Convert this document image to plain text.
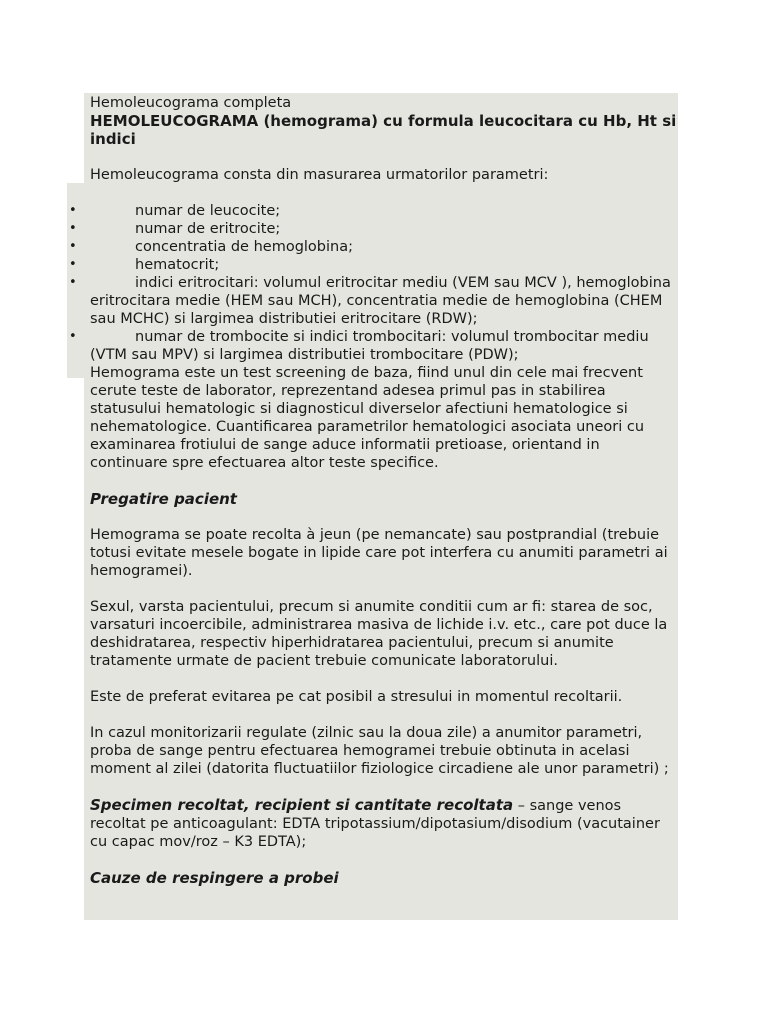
Hemoleucograma completa

HEMOLEUCOGRAMA (hemograma) cu formula leucocitara cu Hb, Ht si indici

Hemoleucograma consta din masurarea urmatorilor parametri:

•	numar de leucocite;
•	numar de eritrocite;
•	concentratia de hemoglobina;
•	hematocrit;
•	indici eritrocitari: volumul eritrocitar mediu (VEM sau MCV ), hemoglobina eritrocitara medie (HEM sau MCH), concentratia medie de hemoglobina (CHEM sau MCHC) si largimea distributiei eritrocitare (RDW);
•	numar de trombocite si indici trombocitari: volumul trombocitar mediu (VTM sau MPV) si largimea distributiei trombocitare (PDW);

Hemograma este un test screening de baza, fiind unul din cele mai frecvent cerute teste de laborator, reprezentand adesea primul pas in stabilirea statusului hematologic si diagnosticul diverselor afectiuni hematologice si nehematologice. Cuantificarea parametrilor hematologici asociata uneori cu examinarea frotiului de sange aduce informatii pretioase, orientand in continuare spre efectuarea altor teste specifice.

Pregatire pacient

Hemograma se poate recolta à jeun (pe nemancate) sau postprandial (trebuie totusi evitate mesele bogate in lipide care pot interfera cu anumiti parametri ai hemogramei).

Sexul, varsta pacientului, precum si anumite conditii cum ar fi: starea de soc, varsaturi incoercibile, administrarea masiva de lichide i.v. etc., care pot duce la deshidratarea, respectiv hiperhidratarea pacientului, precum si anumite tratamente urmate de pacient trebuie comunicate laboratorului.

Este de preferat evitarea pe cat posibil a stresului in momentul recoltarii.

In cazul monitorizarii regulate (zilnic sau la doua zile) a anumitor parametri, proba de sange pentru efectuarea hemogramei trebuie obtinuta in acelasi moment al zilei (datorita fluctuatiilor fiziologice circadiene ale unor parametri) ;

Specimen recoltat, recipient si cantitate recoltata – sange venos recoltat pe anticoagulant: EDTA tripotassium/dipotasium/disodium (vacutainer cu capac mov/roz – K3 EDTA);

Cauze de respingere a probei
